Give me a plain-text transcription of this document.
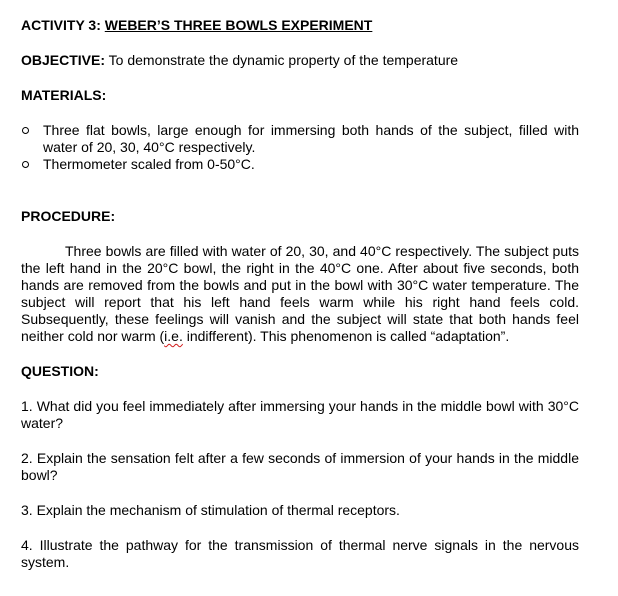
ACTIVITY 3: WEBER’S THREE BOWLS EXPERIMENT

OBJECTIVE: To demonstrate the dynamic property of the temperature

MATERIALS:

Three flat bowls, large enough for immersing both hands of the subject, filled with water of 20, 30, 40°C respectively.
Thermometer scaled from 0-50°C.

PROCEDURE:

Three bowls are filled with water of 20, 30, and 40°C respectively. The subject puts the left hand in the 20°C bowl, the right in the 40°C one. After about five seconds, both hands are removed from the bowls and put in the bowl with 30°C water temperature. The subject will report that his left hand feels warm while his right hand feels cold. Subsequently, these feelings will vanish and the subject will state that both hands feel neither cold nor warm (i.e. indifferent). This phenomenon is called “adaptation”.

QUESTION:

1. What did you feel immediately after immersing your hands in the middle bowl with 30°C water?

2. Explain the sensation felt after a few seconds of immersion of your hands in the middle bowl?

3. Explain the mechanism of stimulation of thermal receptors.

4. Illustrate the pathway for the transmission of thermal nerve signals in the nervous system.
